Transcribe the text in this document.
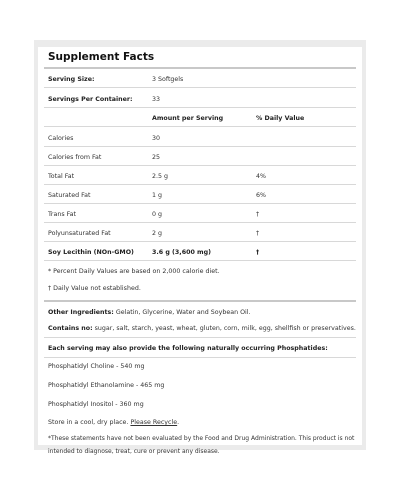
Supplement Facts
Serving Size:	3 Softgels
Servings Per Container:	33
Amount per Serving	% Daily Value
Calories	30
Calories from Fat	25
Total Fat	2.5 g	4%
Saturated Fat	1 g	6%
Trans Fat	0 g	†
Polyunsaturated Fat	2 g	†
Soy Lecithin (NOn-GMO)	3.6 g (3,600 mg)	†
* Percent Daily Values are based on 2,000 calorie diet.
† Daily Value not established.
Other Ingredients: Gelatin, Glycerine, Water and Soybean Oil.
Contains no: sugar, salt, starch, yeast, wheat, gluten, corn, milk, egg, shellfish or preservatives.
Each serving may also provide the following naturally occurring Phosphatides:
Phosphatidyl Choline - 540 mg
Phosphatidyl Ethanolamine - 465 mg
Phosphatidyl Inositol - 360 mg
Store in a cool, dry place. Please Recycle.
*These statements have not been evaluated by the Food and Drug Administration. This product is not
intended to diagnose, treat, cure or prevent any disease.
